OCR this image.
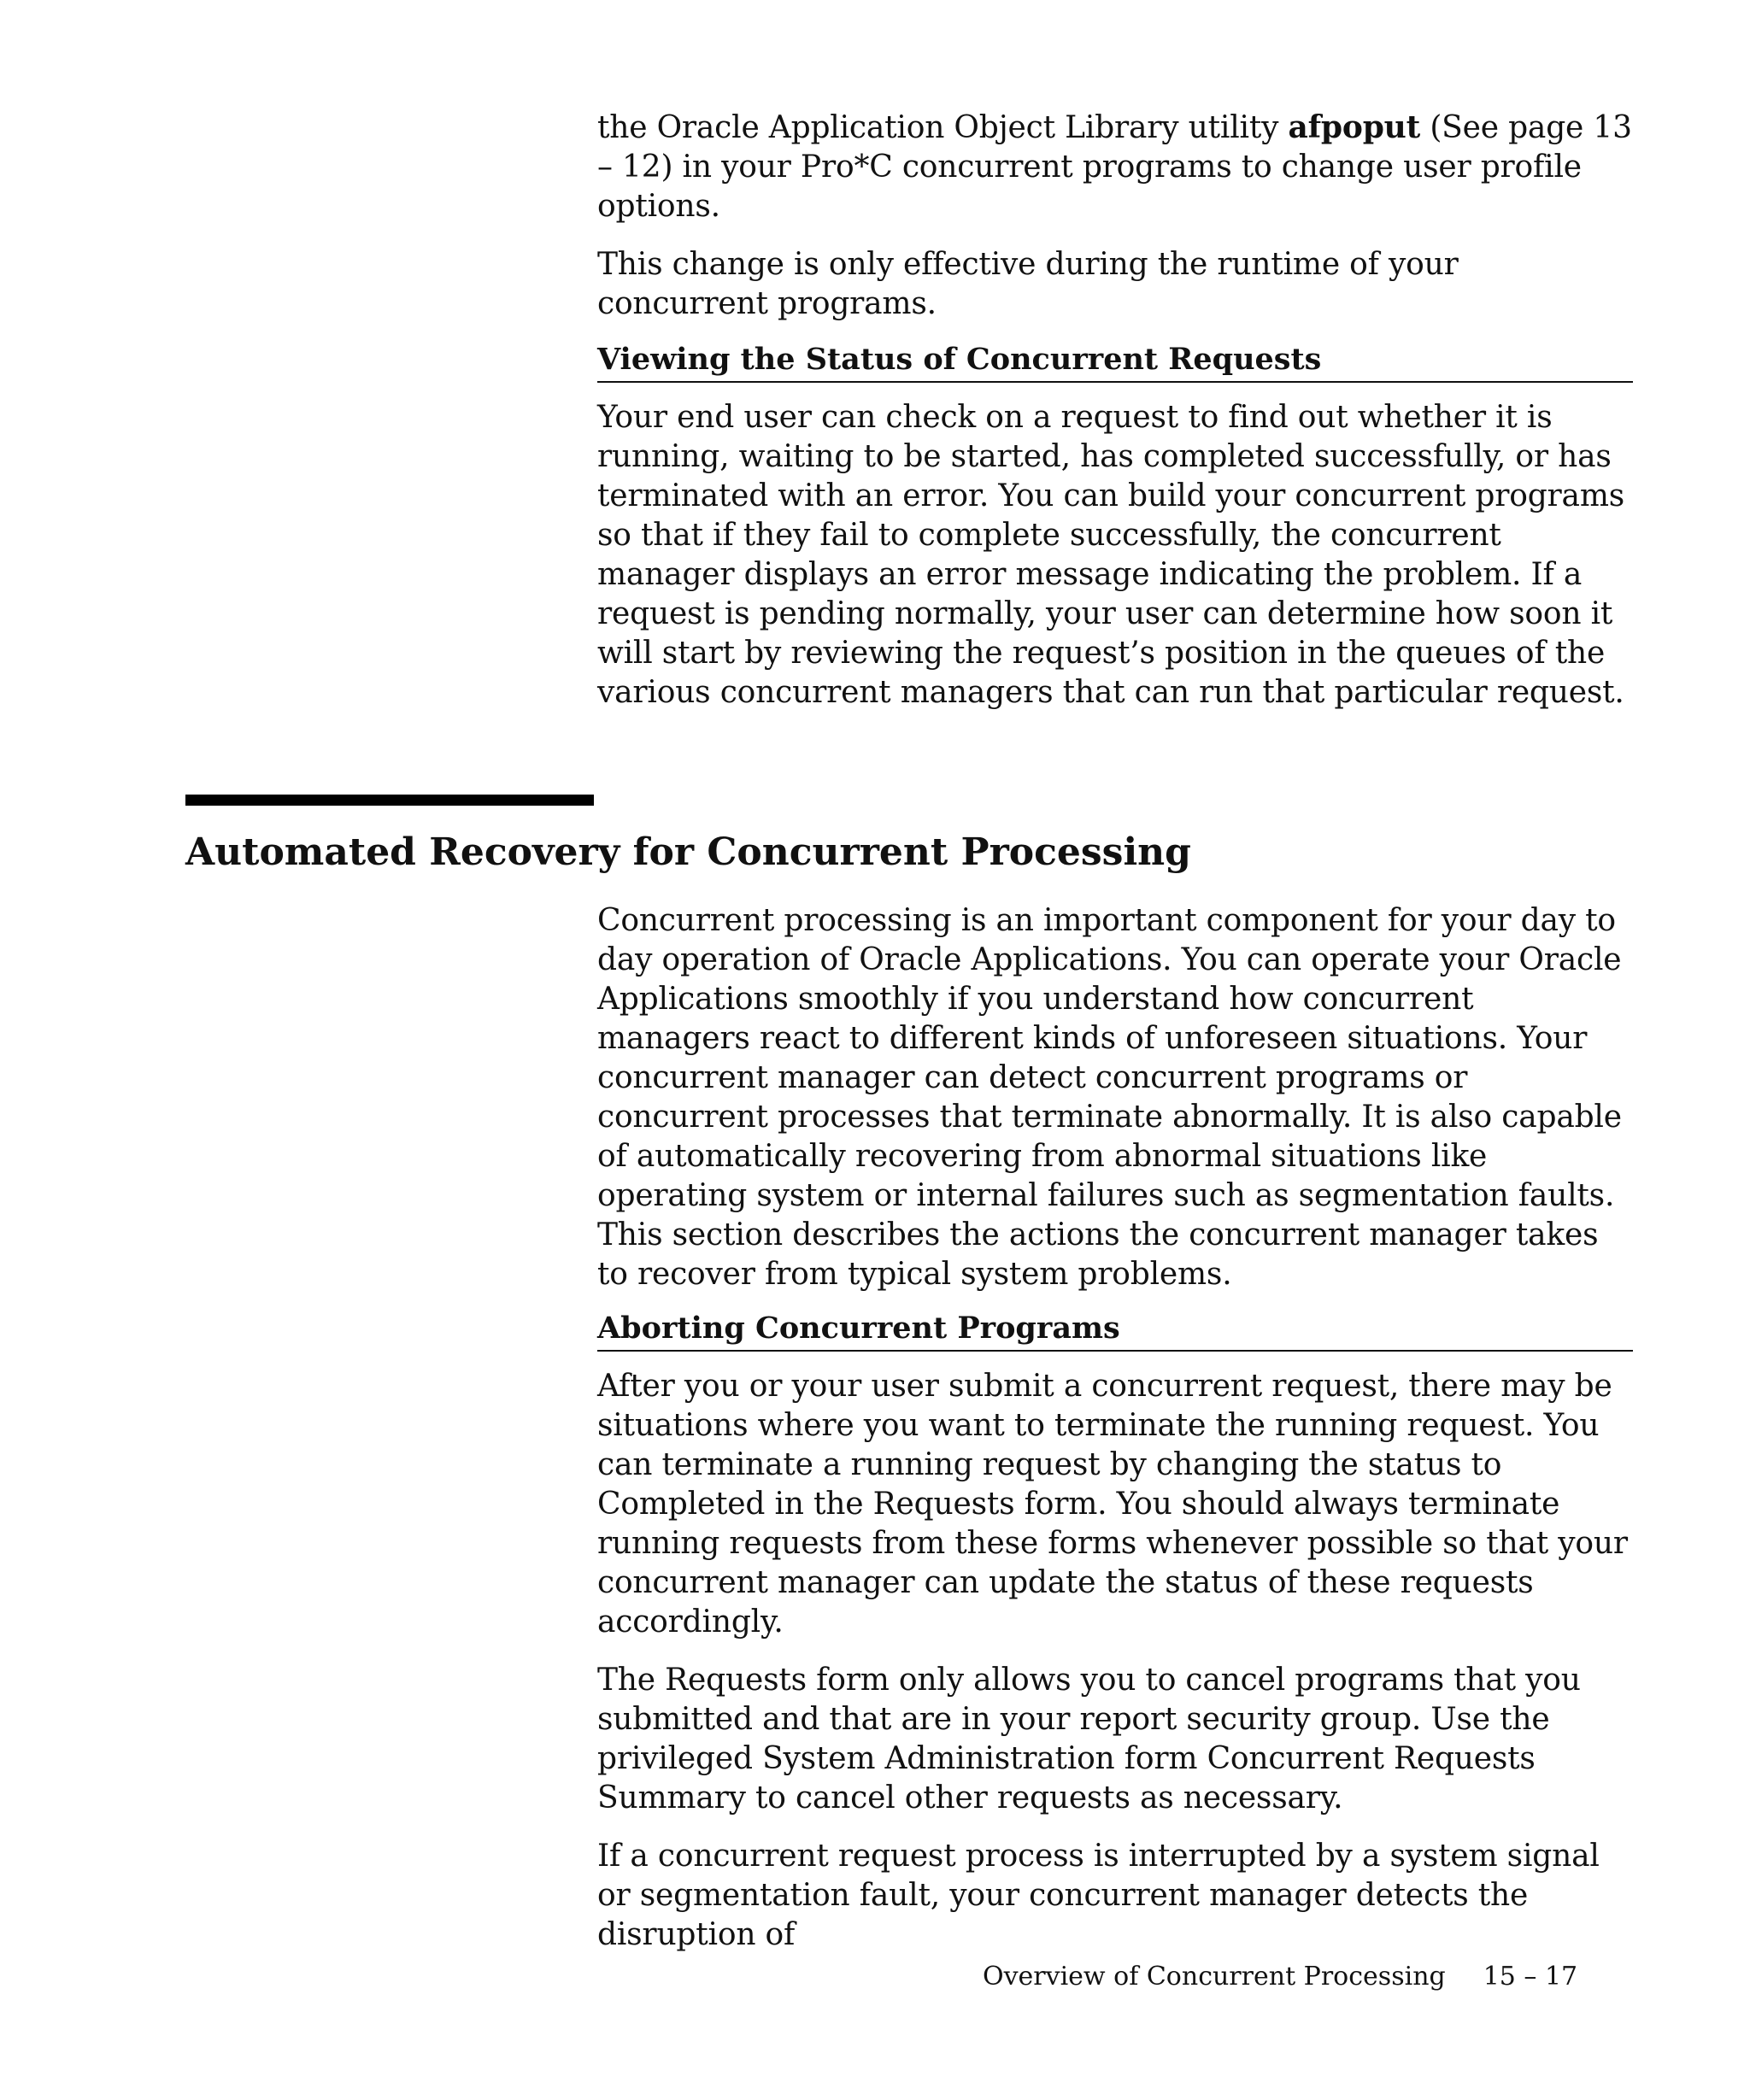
the Oracle Application Object Library utility afpoput (See page 13 – 12) in your Pro*C concurrent programs to change user profile options.

This change is only effective during the runtime of your concurrent programs.

Viewing the Status of Concurrent Requests

Your end user can check on a request to find out whether it is running, waiting to be started, has completed successfully, or has terminated with an error. You can build your concurrent programs so that if they fail to complete successfully, the concurrent manager displays an error message indicating the problem. If a request is pending normally, your user can determine how soon it will start by reviewing the request’s position in the queues of the various concurrent managers that can run that particular request.

Automated Recovery for Concurrent Processing

Concurrent processing is an important component for your day to day operation of Oracle Applications. You can operate your Oracle Applications smoothly if you understand how concurrent managers react to different kinds of unforeseen situations. Your concurrent manager can detect concurrent programs or concurrent processes that terminate abnormally. It is also capable of automatically recovering from abnormal situations like operating system or internal failures such as segmentation faults. This section describes the actions the concurrent manager takes to recover from typical system problems.

Aborting Concurrent Programs

After you or your user submit a concurrent request, there may be situations where you want to terminate the running request. You can terminate a running request by changing the status to Completed in the Requests form. You should always terminate running requests from these forms whenever possible so that your concurrent manager can update the status of these requests accordingly.

The Requests form only allows you to cancel programs that you submitted and that are in your report security group. Use the privileged System Administration form Concurrent Requests Summary to cancel other requests as necessary.

If a concurrent request process is interrupted by a system signal or segmentation fault, your concurrent manager detects the disruption of

Overview of Concurrent Processing 15 – 17
